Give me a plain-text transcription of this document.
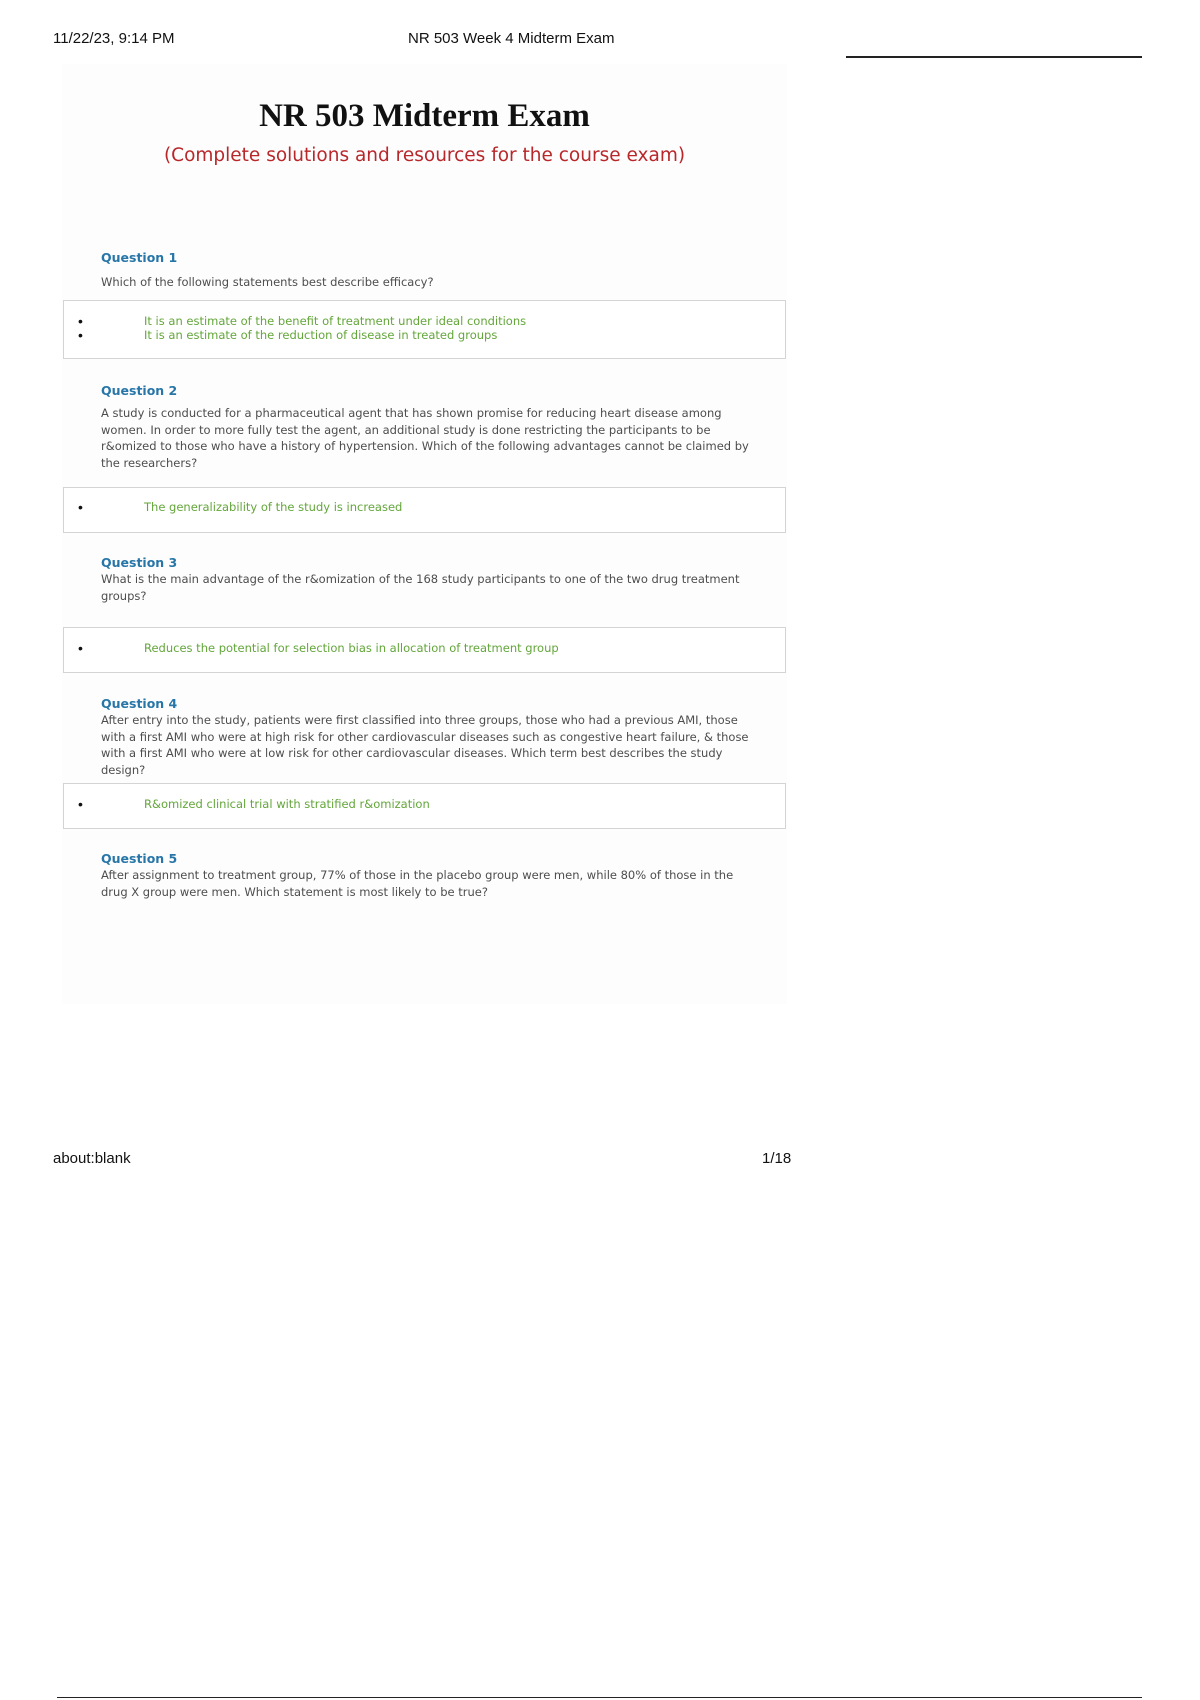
11/22/23, 9:14 PM	NR 503 Week 4 Midterm Exam
NR 503 Midterm Exam
(Complete solutions and resources for the course exam)
Question 1
Which of the following statements best describe efficacy?
•	It is an estimate of the benefit of treatment under ideal conditions
•	It is an estimate of the reduction of disease in treated groups
Question 2
A study is conducted for a pharmaceutical agent that has shown promise for reducing heart disease among women. In order to more fully test the agent, an additional study is done restricting the participants to be r&omized to those who have a history of hypertension. Which of the following advantages cannot be claimed by the researchers?
•	The generalizability of the study is increased
Question 3
What is the main advantage of the r&omization of the 168 study participants to one of the two drug treatment groups?
•	Reduces the potential for selection bias in allocation of treatment group
Question 4
After entry into the study, patients were first classified into three groups, those who had a previous AMI, those with a first AMI who were at high risk for other cardiovascular diseases such as congestive heart failure, & those with a first AMI who were at low risk for other cardiovascular diseases. Which term best describes the study design?
•	R&omized clinical trial with stratified r&omization
Question 5
After assignment to treatment group, 77% of those in the placebo group were men, while 80% of those in the drug X group were men. Which statement is most likely to be true?
about:blank	1/18
